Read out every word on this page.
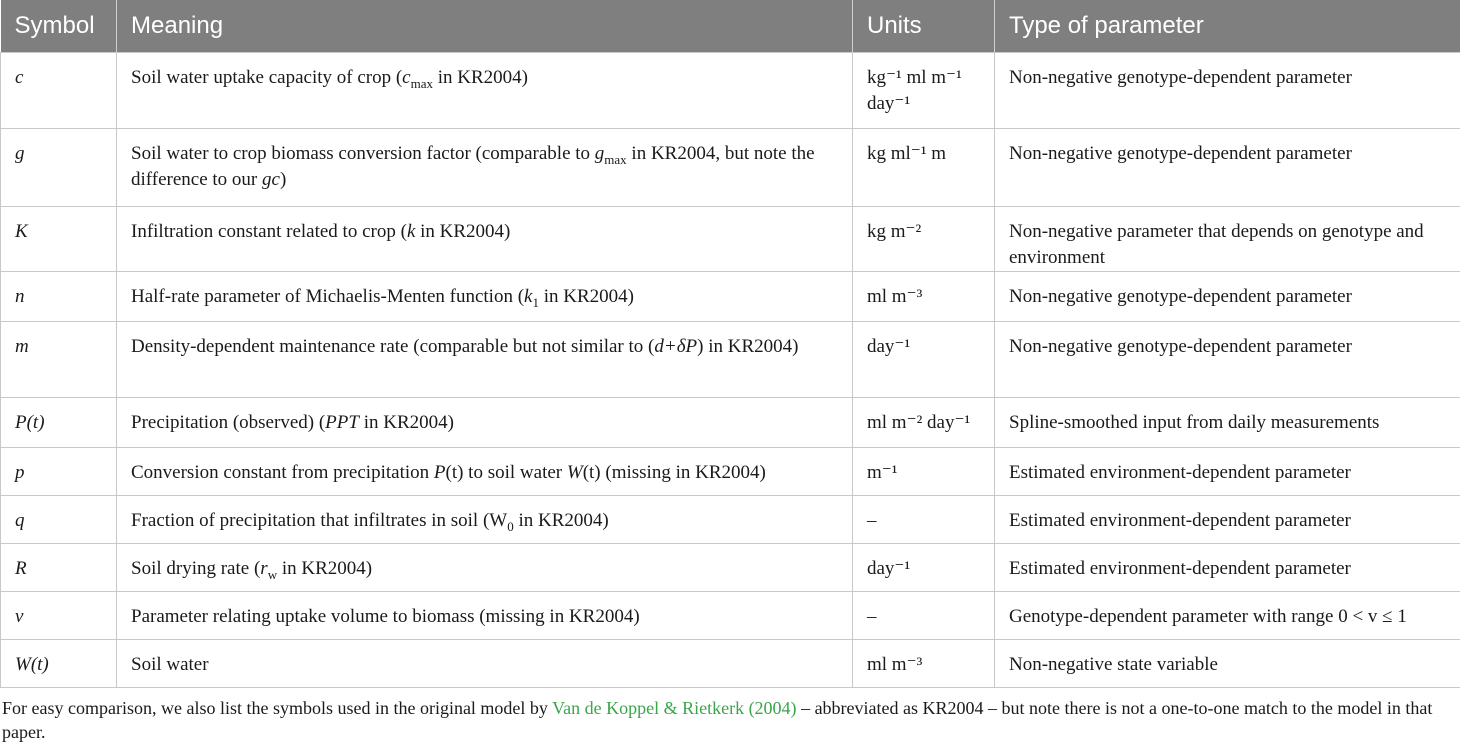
Symbol	Meaning	Units	Type of parameter
c	Soil water uptake capacity of crop ($c_{max}$ in KR2004)	kg⁻¹ ml m⁻¹ day⁻¹	Non-negative genotype-dependent parameter
g	Soil water to crop biomass conversion factor (comparable to $g_{max}$ in KR2004, but note the difference to our gc)	kg ml⁻¹ m	Non-negative genotype-dependent parameter
K	Infiltration constant related to crop (k in KR2004)	kg m⁻²	Non-negative parameter that depends on genotype and environment
n	Half-rate parameter of Michaelis-Menten function ($k_1$ in KR2004)	ml m⁻³	Non-negative genotype-dependent parameter
m	Density-dependent maintenance rate (comparable but not similar to (d+δP) in KR2004)	day⁻¹	Non-negative genotype-dependent parameter
P(t)	Precipitation (observed) (PPT in KR2004)	ml m⁻² day⁻¹	Spline-smoothed input from daily measurements
p	Conversion constant from precipitation P(t) to soil water W(t) (missing in KR2004)	m⁻¹	Estimated environment-dependent parameter
q	Fraction of precipitation that infiltrates in soil ($W_0$ in KR2004)	–	Estimated environment-dependent parameter
R	Soil drying rate ($r_w$ in KR2004)	day⁻¹	Estimated environment-dependent parameter
v	Parameter relating uptake volume to biomass (missing in KR2004)	–	Genotype-dependent parameter with range 0 < v ≤ 1
W(t)	Soil water	ml m⁻³	Non-negative state variable
For easy comparison, we also list the symbols used in the original model by Van de Koppel & Rietkerk (2004) – abbreviated as KR2004 – but note there is not a one-to-one match to the model in that paper.
